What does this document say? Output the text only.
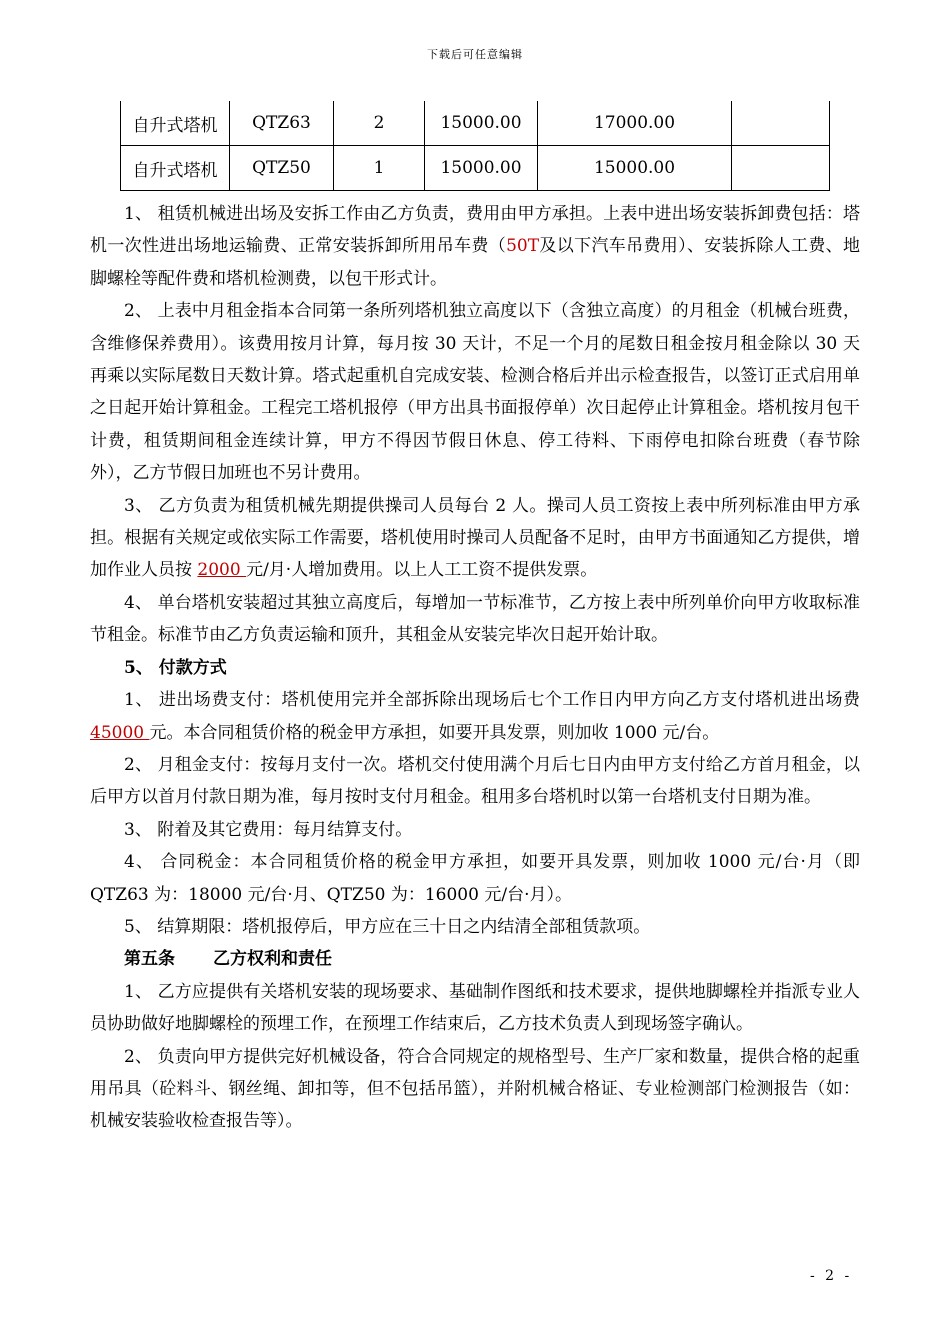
下载后可任意编辑
自升式塔机	QTZ63	2	15000.00	17000.00	
自升式塔机	QTZ50	1	15000.00	15000.00	

1、 租赁机械进出场及安拆工作由乙方负责，费用由甲方承担。上表中进出场安装拆卸费包括：塔机一次性进出场地运输费、正常安装拆卸所用吊车费（50T及以下汽车吊费用）、安装拆除人工费、地脚螺栓等配件费和塔机检测费，以包干形式计。

2、 上表中月租金指本合同第一条所列塔机独立高度以下（含独立高度）的月租金（机械台班费，含维修保养费用）。该费用按月计算，每月按 30 天计，不足一个月的尾数日租金按月租金除以 30 天再乘以实际尾数日天数计算。塔式起重机自完成安装、检测合格后并出示检查报告，以签订正式启用单之日起开始计算租金。工程完工塔机报停（甲方出具书面报停单）次日起停止计算租金。塔机按月包干计费，租赁期间租金连续计算，甲方不得因节假日休息、停工待料、下雨停电扣除台班费（春节除外），乙方节假日加班也不另计费用。

3、 乙方负责为租赁机械先期提供操司人员每台 2 人。操司人员工资按上表中所列标准由甲方承担。根据有关规定或依实际工作需要，塔机使用时操司人员配备不足时，由甲方书面通知乙方提供，增加作业人员按 2000 元/月·人增加费用。以上人工工资不提供发票。

4、 单台塔机安装超过其独立高度后，每增加一节标准节，乙方按上表中所列单价向甲方收取标准节租金。标准节由乙方负责运输和顶升，其租金从安装完毕次日起开始计取。

5、 付款方式

1、 进出场费支付：塔机使用完并全部拆除出现场后七个工作日内甲方向乙方支付塔机进出场费 45000 元。本合同租赁价格的税金甲方承担，如要开具发票，则加收 1000 元/台。

2、 月租金支付：按每月支付一次。塔机交付使用满个月后七日内由甲方支付给乙方首月租金，以后甲方以首月付款日期为准，每月按时支付月租金。租用多台塔机时以第一台塔机支付日期为准。

3、 附着及其它费用：每月结算支付。

4、 合同税金：本合同租赁价格的税金甲方承担，如要开具发票，则加收 1000 元/台·月（即 QTZ63 为：18000 元/台·月、QTZ50 为：16000 元/台·月）。

5、 结算期限：塔机报停后，甲方应在三十日之内结清全部租赁款项。

第五条 乙方权利和责任

1、 乙方应提供有关塔机安装的现场要求、基础制作图纸和技术要求，提供地脚螺栓并指派专业人员协助做好地脚螺栓的预埋工作，在预埋工作结束后，乙方技术负责人到现场签字确认。

2、 负责向甲方提供完好机械设备，符合合同规定的规格型号、生产厂家和数量，提供合格的起重用吊具（砼料斗、钢丝绳、卸扣等，但不包括吊篮），并附机械合格证、专业检测部门检测报告（如：机械安装验收检查报告等）。

- 2 -
